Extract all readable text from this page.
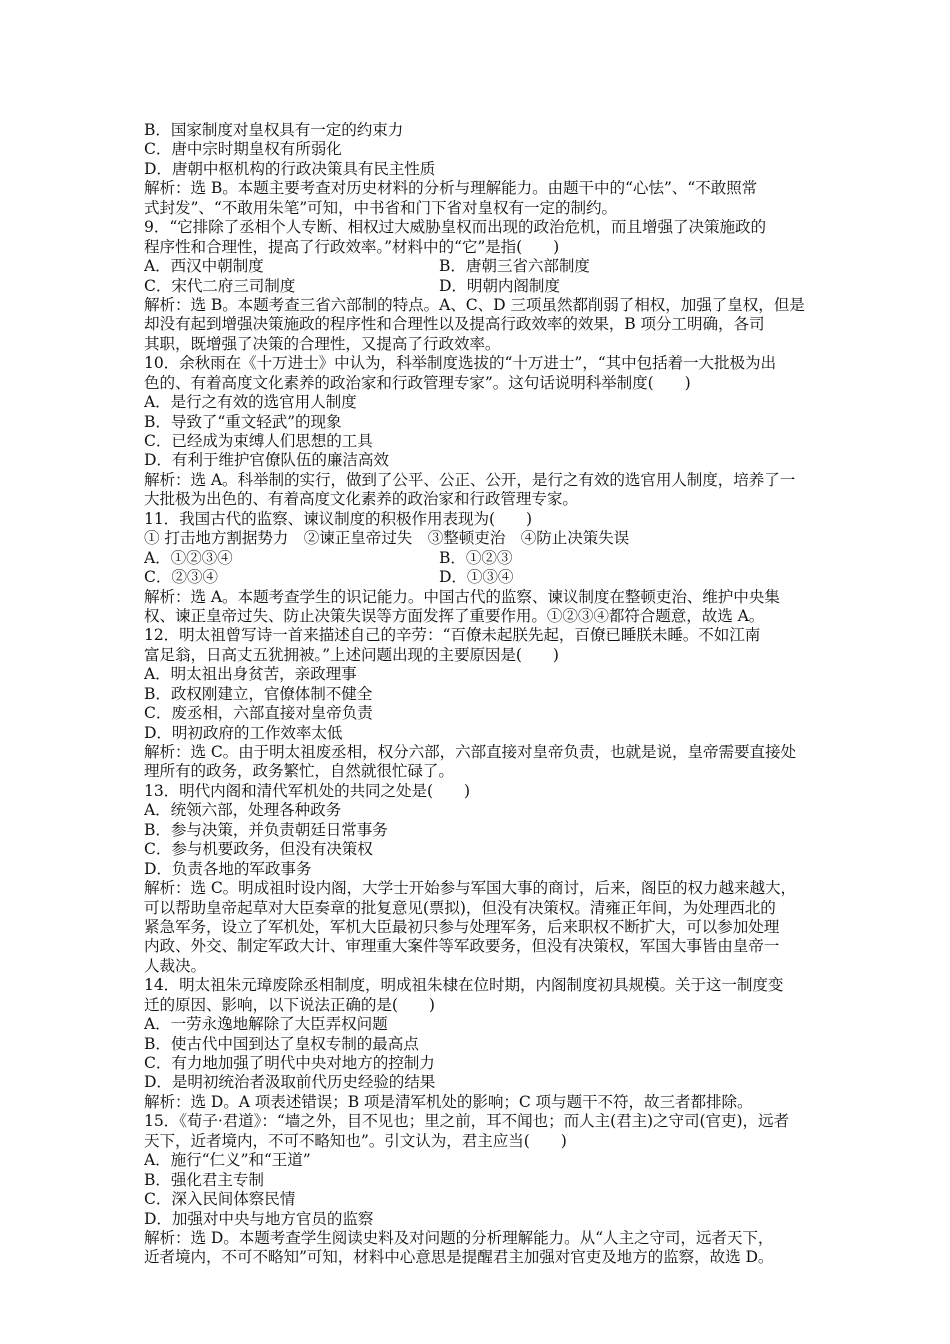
B．国家制度对皇权具有一定的约束力
C．唐中宗时期皇权有所弱化
D．唐朝中枢机构的行政决策具有民主性质
解析：选 B。本题主要考查对历史材料的分析与理解能力。由题干中的“心怯”、“不敢照常
式封发”、“不敢用朱笔”可知，中书省和门下省对皇权有一定的制约。
9．“它排除了丞相个人专断、相权过大威胁皇权而出现的政治危机，而且增强了决策施政的
程序性和合理性，提高了行政效率。”材料中的“它”是指(　　)
A．西汉中朝制度	B．唐朝三省六部制度
C．宋代二府三司制度	D．明朝内阁制度
解析：选 B。本题考查三省六部制的特点。A、C、D 三项虽然都削弱了相权，加强了皇权，但是
却没有起到增强决策施政的程序性和合理性以及提高行政效率的效果，B 项分工明确，各司
其职，既增强了决策的合理性，又提高了行政效率。
10．余秋雨在《十万进士》中认为，科举制度选拔的“十万进士”，“其中包括着一大批极为出
色的、有着高度文化素养的政治家和行政管理专家”。这句话说明科举制度(　　)
A．是行之有效的选官用人制度
B．导致了“重文轻武”的现象
C．已经成为束缚人们思想的工具
D．有利于维护官僚队伍的廉洁高效
解析：选 A。科举制的实行，做到了公平、公正、公开，是行之有效的选官用人制度，培养了一
大批极为出色的、有着高度文化素养的政治家和行政管理专家。
11．我国古代的监察、谏议制度的积极作用表现为(　　)
① 打击地方割据势力　②谏正皇帝过失　③整顿吏治　④防止决策失误
A．①②③④	B．①②③
C．②③④	D．①③④
解析：选 A。本题考查学生的识记能力。中国古代的监察、谏议制度在整顿吏治、维护中央集
权、谏正皇帝过失、防止决策失误等方面发挥了重要作用。①②③④都符合题意，故选 A。
12．明太祖曾写诗一首来描述自己的辛劳：“百僚未起朕先起，百僚已睡朕未睡。不如江南
富足翁，日高丈五犹拥被。”上述问题出现的主要原因是(　　)
A．明太祖出身贫苦，亲政理事
B．政权刚建立，官僚体制不健全
C．废丞相，六部直接对皇帝负责
D．明初政府的工作效率太低
解析：选 C。由于明太祖废丞相，权分六部，六部直接对皇帝负责，也就是说，皇帝需要直接处
理所有的政务，政务繁忙，自然就很忙碌了。
13．明代内阁和清代军机处的共同之处是(　　)
A．统领六部，处理各种政务
B．参与决策，并负责朝廷日常事务
C．参与机要政务，但没有决策权
D．负责各地的军政事务
解析：选 C。明成祖时设内阁，大学士开始参与军国大事的商讨，后来，阁臣的权力越来越大，
可以帮助皇帝起草对大臣奏章的批复意见(票拟)，但没有决策权。清雍正年间，为处理西北的
紧急军务，设立了军机处，军机大臣最初只参与处理军务，后来职权不断扩大，可以参加处理
内政、外交、制定军政大计、审理重大案件等军政要务，但没有决策权，军国大事皆由皇帝一
人裁决。
14．明太祖朱元璋废除丞相制度，明成祖朱棣在位时期，内阁制度初具规模。关于这一制度变
迁的原因、影响，以下说法正确的是(　　)
A．一劳永逸地解除了大臣弄权问题
B．使古代中国到达了皇权专制的最高点
C．有力地加强了明代中央对地方的控制力
D．是明初统治者汲取前代历史经验的结果
解析：选 D。A 项表述错误；B 项是清军机处的影响；C 项与题干不符，故三者都排除。
15．《荀子·君道》：“墙之外，目不见也；里之前，耳不闻也；而人主(君主)之守司(官吏)，远者
天下，近者境内，不可不略知也”。引文认为，君主应当(　　)
A．施行“仁义”和“王道”
B．强化君主专制
C．深入民间体察民情
D．加强对中央与地方官员的监察
解析：选 D。本题考查学生阅读史料及对问题的分析理解能力。从“人主之守司，远者天下，
近者境内，不可不略知”可知，材料中心意思是提醒君主加强对官吏及地方的监察，故选 D。
